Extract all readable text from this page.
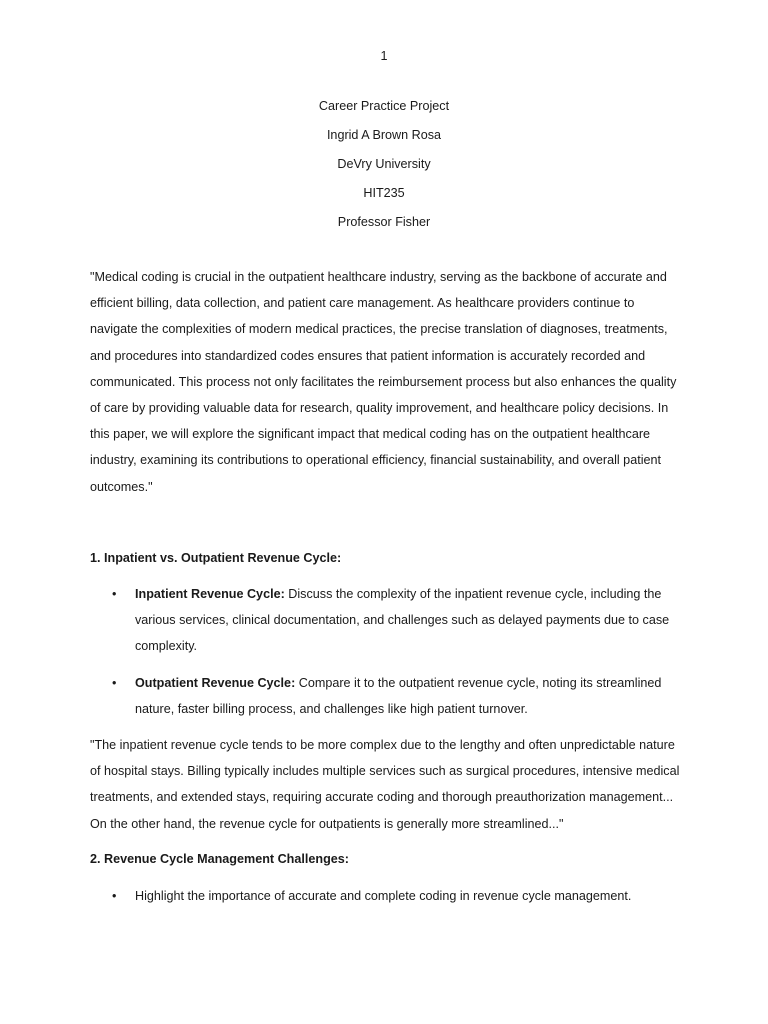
1
Career Practice Project
Ingrid A Brown Rosa
DeVry University
HIT235
Professor Fisher

"Medical coding is crucial in the outpatient healthcare industry, serving as the backbone of accurate and efficient billing, data collection, and patient care management. As healthcare providers continue to navigate the complexities of modern medical practices, the precise translation of diagnoses, treatments, and procedures into standardized codes ensures that patient information is accurately recorded and communicated. This process not only facilitates the reimbursement process but also enhances the quality of care by providing valuable data for research, quality improvement, and healthcare policy decisions. In this paper, we will explore the significant impact that medical coding has on the outpatient healthcare industry, examining its contributions to operational efficiency, financial sustainability, and overall patient outcomes."

1. Inpatient vs. Outpatient Revenue Cycle:
• Inpatient Revenue Cycle: Discuss the complexity of the inpatient revenue cycle, including the various services, clinical documentation, and challenges such as delayed payments due to case complexity.
• Outpatient Revenue Cycle: Compare it to the outpatient revenue cycle, noting its streamlined nature, faster billing process, and challenges like high patient turnover.

"The inpatient revenue cycle tends to be more complex due to the lengthy and often unpredictable nature of hospital stays. Billing typically includes multiple services such as surgical procedures, intensive medical treatments, and extended stays, requiring accurate coding and thorough preauthorization management... On the other hand, the revenue cycle for outpatients is generally more streamlined..."

2. Revenue Cycle Management Challenges:
• Highlight the importance of accurate and complete coding in revenue cycle management.
